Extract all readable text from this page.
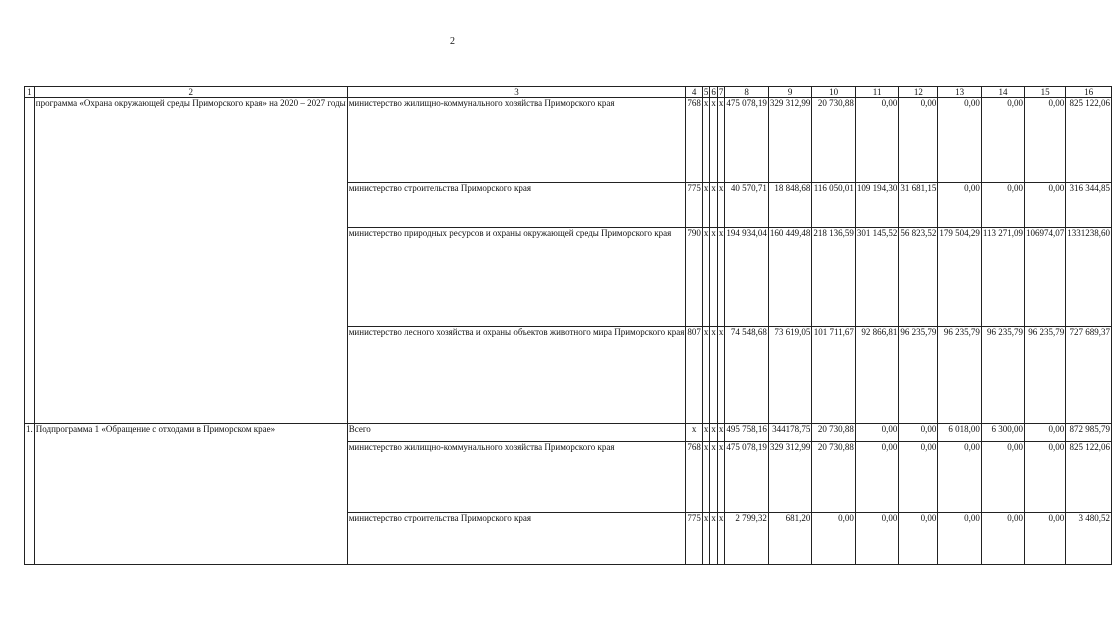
2
1	2	3	4	5	6	7	8	9	10	11	12	13	14	15	16
	программа «Охрана окружающей среды Приморского края» на 2020 – 2027 годы	министерство жилищно-коммунального хозяйства Приморского края	768	x	x	x	475 078,19	329 312,99	20 730,88	0,00	0,00	0,00	0,00	0,00	825 122,06
		министерство строительства Приморского края	775	x	x	x	40 570,71	18 848,68	116 050,01	109 194,30	31 681,15	0,00	0,00	0,00	316 344,85
		министерство природных ресурсов и охраны окружающей среды Приморского края	790	x	x	x	194 934,04	160 449,48	218 136,59	301 145,52	56 823,52	179 504,29	113 271,09	106974,07	1331238,60
		министерство лесного хозяйства и охраны объектов животного мира Приморского края	807	x	x	x	74 548,68	73 619,05	101 711,67	92 866,81	96 235,79	96 235,79	96 235,79	96 235,79	727 689,37
1.	Подпрограмма 1 «Обращение с отходами в Приморском крае»	Всего	x	x	x	x	495 758,16	344178,75	20 730,88	0,00	0,00	6 018,00	6 300,00	0,00	872 985,79
		министерство жилищно-коммунального хозяйства Приморского края	768	x	x	x	475 078,19	329 312,99	20 730,88	0,00	0,00	0,00	0,00	0,00	825 122,06
		министерство строительства Приморского края	775	x	x	x	2 799,32	681,20	0,00	0,00	0,00	0,00	0,00	0,00	3 480,52
